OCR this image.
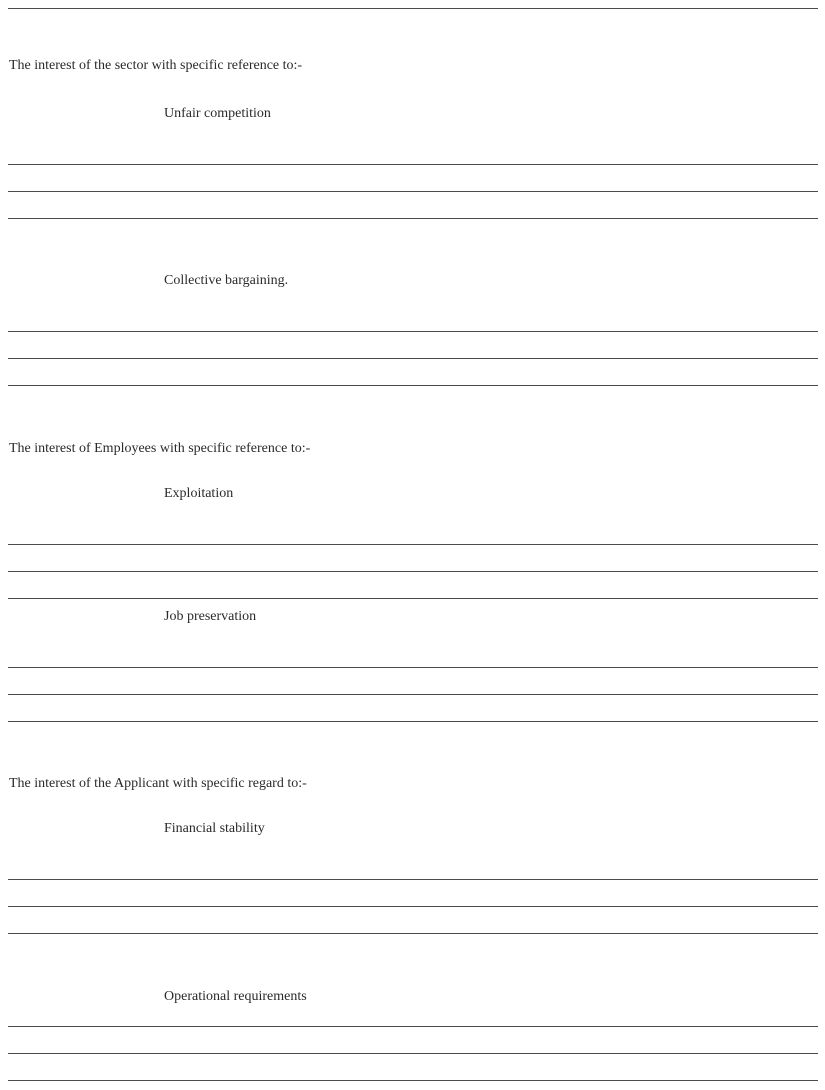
The interest of the sector with specific reference to:-
Unfair competition
Collective bargaining.
The interest of Employees with specific reference to:-
Exploitation
Job preservation
The interest of the Applicant with specific regard to:-
Financial stability
Operational requirements
